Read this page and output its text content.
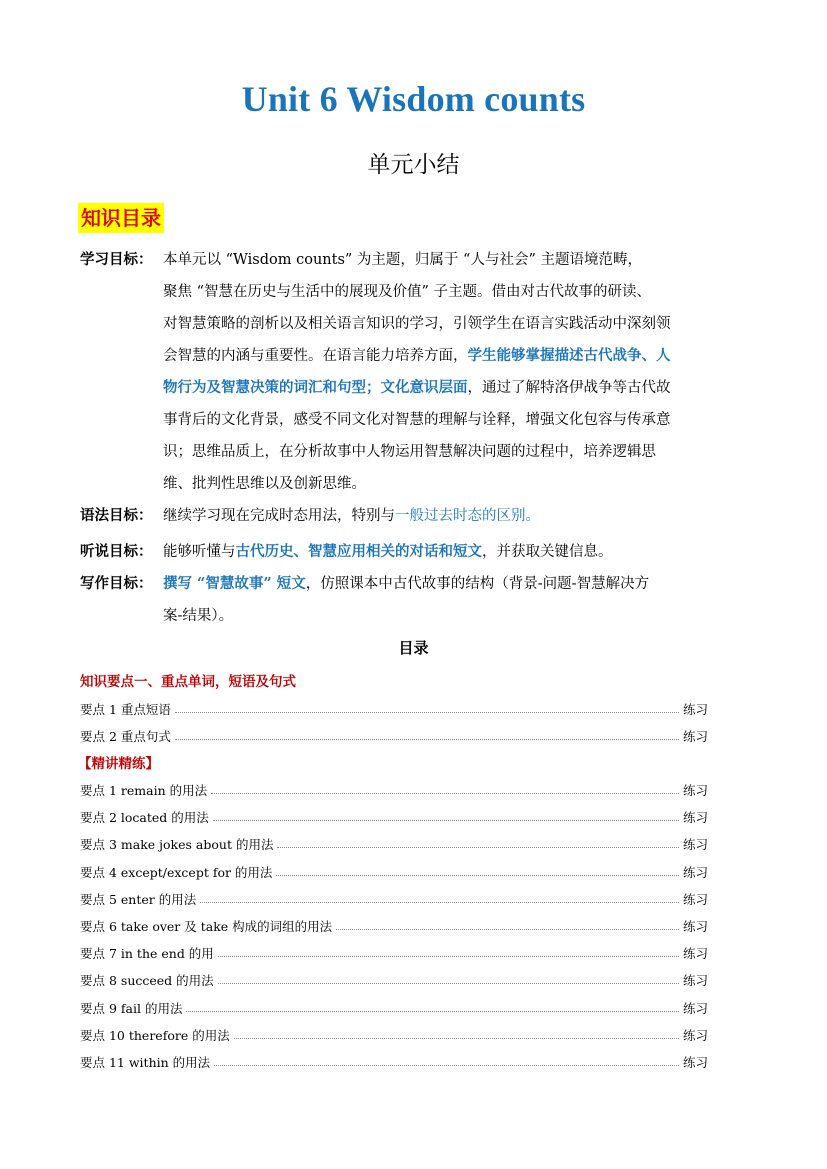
Unit 6 Wisdom counts
单元小结
知识目录
学习目标： 本单元以 “Wisdom counts” 为主题，归属于 “人与社会” 主题语境范畴，
聚焦 “智慧在历史与生活中的展现及价值” 子主题。借由对古代故事的研读、
对智慧策略的剖析以及相关语言知识的学习，引领学生在语言实践活动中深刻领
会智慧的内涵与重要性。在语言能力培养方面，学生能够掌握描述古代战争、人
物行为及智慧决策的词汇和句型；文化意识层面，通过了解特洛伊战争等古代故
事背后的文化背景，感受不同文化对智慧的理解与诠释，增强文化包容与传承意
识；思维品质上，在分析故事中人物运用智慧解决问题的过程中，培养逻辑思
维、批判性思维以及创新思维。
语法目标： 继续学习现在完成时态用法，特别与一般过去时态的区别。
听说目标： 能够听懂与古代历史、智慧应用相关的对话和短文，并获取关键信息。
写作目标： 撰写 “智慧故事” 短文，仿照课本中古代故事的结构（背景-问题-智慧解决方
案-结果）。
目录
知识要点一、重点单词，短语及句式
要点 1 重点短语	练习
要点 2 重点句式	练习
【精讲精练】
要点 1 remain 的用法	练习
要点 2 located 的用法	练习
要点 3 make jokes about 的用法	练习
要点 4 except/except for 的用法	练习
要点 5 enter 的用法	练习
要点 6 take over 及 take 构成的词组的用法	练习
要点 7 in the end 的用	练习
要点 8 succeed 的用法	练习
要点 9 fail 的用法	练习
要点 10 therefore 的用法	练习
要点 11 within 的用法	练习
